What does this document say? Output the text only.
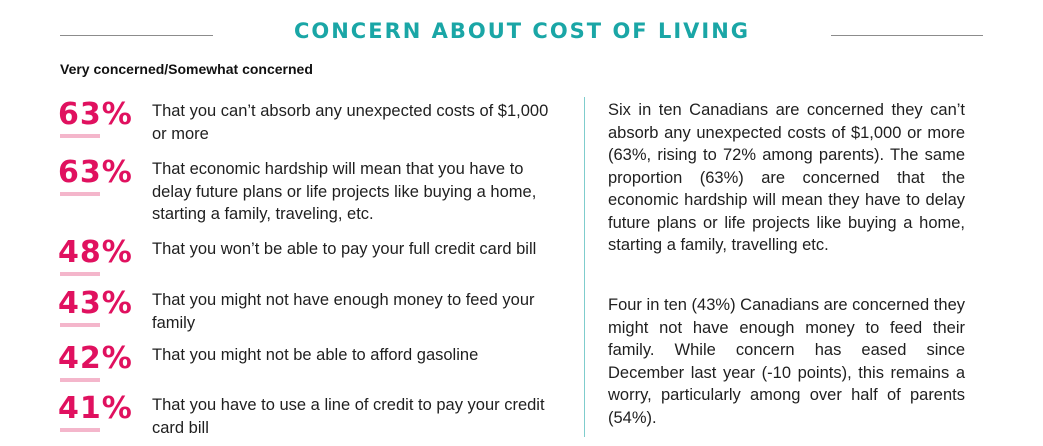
CONCERN ABOUT COST OF LIVING
Very concerned/Somewhat concerned
63% That you can’t absorb any unexpected costs of $1,000 or more
63% That economic hardship will mean that you have to delay future plans or life projects like buying a home, starting a family, traveling, etc.
48% That you won’t be able to pay your full credit card bill
43% That you might not have enough money to feed your family
42% That you might not be able to afford gasoline
41% That you have to use a line of credit to pay your credit card bill
Six in ten Canadians are concerned they can’t absorb any unexpected costs of $1,000 or more (63%, rising to 72% among parents). The same proportion (63%) are concerned that the economic hardship will mean they have to delay future plans or life projects like buying a home, starting a family, travelling etc.
Four in ten (43%) Canadians are concerned they might not have enough money to feed their family. While concern has eased since December last year (-10 points), this remains a worry, particularly among over half of parents (54%).
